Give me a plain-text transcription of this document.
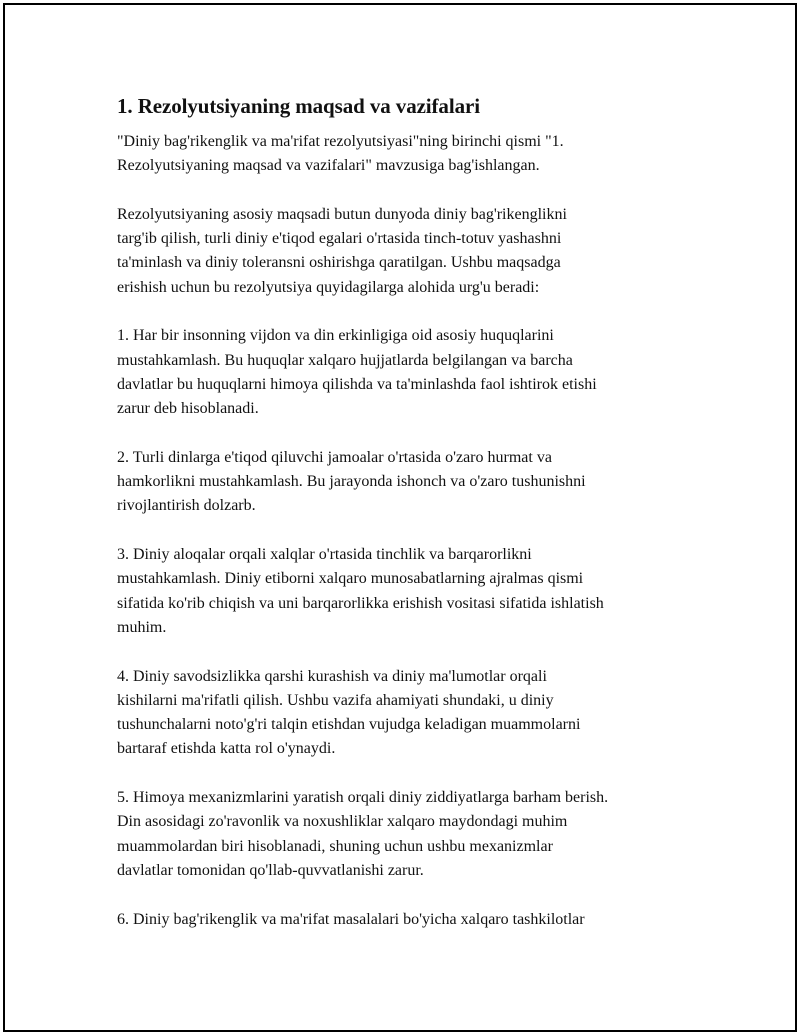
1. Rezolyutsiyaning maqsad va vazifalari

"Diniy bag'rikenglik va ma'rifat rezolyutsiyasi"ning birinchi qismi "1.
Rezolyutsiyaning maqsad va vazifalari" mavzusiga bag'ishlangan.

Rezolyutsiyaning asosiy maqsadi butun dunyoda diniy bag'rikenglikni
targ'ib qilish, turli diniy e'tiqod egalari o'rtasida tinch-totuv yashashni
ta'minlash va diniy toleransni oshirishga qaratilgan. Ushbu maqsadga
erishish uchun bu rezolyutsiya quyidagilarga alohida urg'u beradi:

1. Har bir insonning vijdon va din erkinligiga oid asosiy huquqlarini
mustahkamlash. Bu huquqlar xalqaro hujjatlarda belgilangan va barcha
davlatlar bu huquqlarni himoya qilishda va ta'minlashda faol ishtirok etishi
zarur deb hisoblanadi.

2. Turli dinlarga e'tiqod qiluvchi jamoalar o'rtasida o'zaro hurmat va
hamkorlikni mustahkamlash. Bu jarayonda ishonch va o'zaro tushunishni
rivojlantirish dolzarb.

3. Diniy aloqalar orqali xalqlar o'rtasida tinchlik va barqarorlikni
mustahkamlash. Diniy etiborni xalqaro munosabatlarning ajralmas qismi
sifatida ko'rib chiqish va uni barqarorlikka erishish vositasi sifatida ishlatish
muhim.

4. Diniy savodsizlikka qarshi kurashish va diniy ma'lumotlar orqali
kishilarni ma'rifatli qilish. Ushbu vazifa ahamiyati shundaki, u diniy
tushunchalarni noto'g'ri talqin etishdan vujudga keladigan muammolarni
bartaraf etishda katta rol o'ynaydi.

5. Himoya mexanizmlarini yaratish orqali diniy ziddiyatlarga barham berish.
Din asosidagi zo'ravonlik va noxushliklar xalqaro maydondagi muhim
muammolardan biri hisoblanadi, shuning uchun ushbu mexanizmlar
davlatlar tomonidan qo'llab-quvvatlanishi zarur.

6. Diniy bag'rikenglik va ma'rifat masalalari bo'yicha xalqaro tashkilotlar
